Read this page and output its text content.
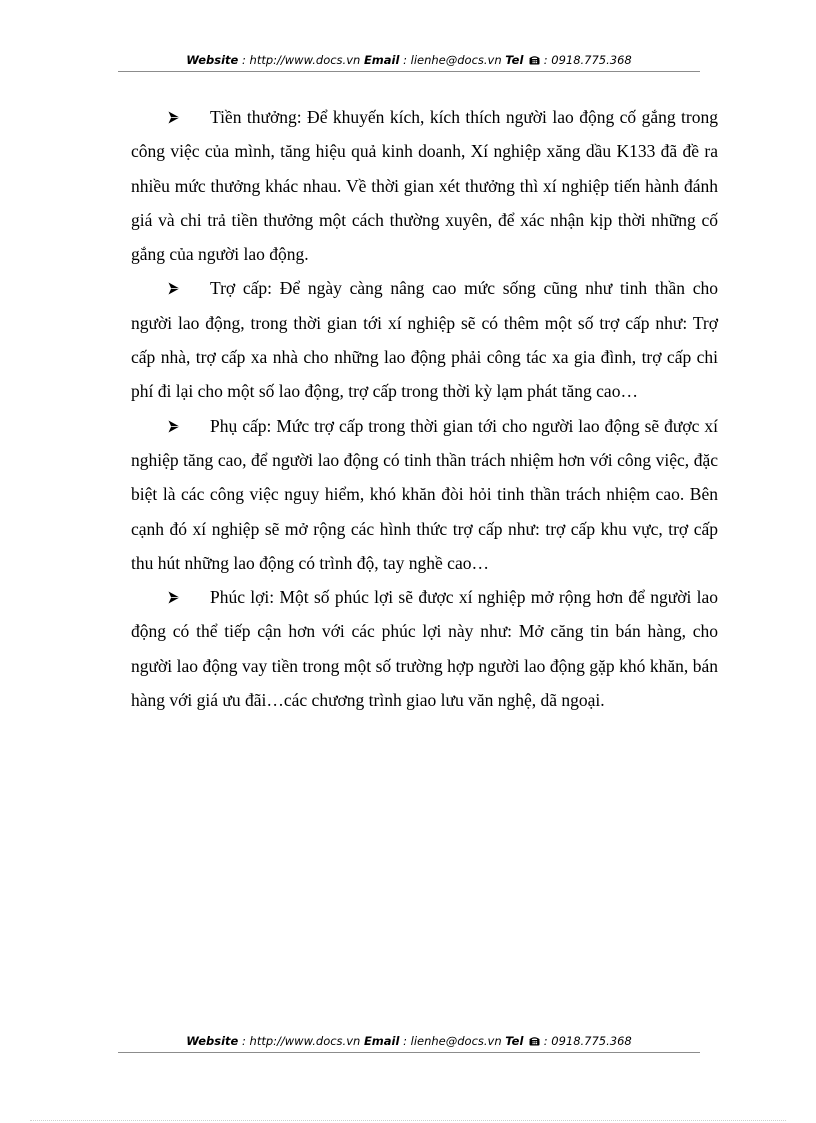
Website : http://www.docs.vn Email : lienhe@docs.vn Tel : 0918.775.368

Tiền thưởng: Để khuyến kích, kích thích người lao động cố gắng trong công việc của mình, tăng hiệu quả kinh doanh, Xí nghiệp xăng dầu K133 đã đề ra nhiều mức thưởng khác nhau. Về thời gian xét thưởng thì xí nghiệp tiến hành đánh giá và chi trả tiền thưởng một cách thường xuyên, để xác nhận kịp thời những cố gắng của người lao động.

Trợ cấp: Để ngày càng nâng cao mức sống cũng như tinh thần cho người lao động, trong thời gian tới xí nghiệp sẽ có thêm một số trợ cấp như: Trợ cấp nhà, trợ cấp xa nhà cho những lao động phải công tác xa gia đình, trợ cấp chi phí đi lại cho một số lao động, trợ cấp trong thời kỳ lạm phát tăng cao…

Phụ cấp: Mức trợ cấp trong thời gian tới cho người lao động sẽ được xí nghiệp tăng cao, để người lao động có tinh thần trách nhiệm hơn với công việc, đặc biệt là các công việc nguy hiểm, khó khăn đòi hỏi tinh thần trách nhiệm cao. Bên cạnh đó xí nghiệp sẽ mở rộng các hình thức trợ cấp như: trợ cấp khu vực, trợ cấp thu hút những lao động có trình độ, tay nghề cao…

Phúc lợi: Một số phúc lợi sẽ được xí nghiệp mở rộng hơn để người lao động có thể tiếp cận hơn với các phúc lợi này như: Mở căng tin bán hàng, cho người lao động vay tiền trong một số trường hợp người lao động gặp khó khăn, bán hàng với giá ưu đãi…các chương trình giao lưu văn nghệ, dã ngoại.

Website : http://www.docs.vn Email : lienhe@docs.vn Tel : 0918.775.368
